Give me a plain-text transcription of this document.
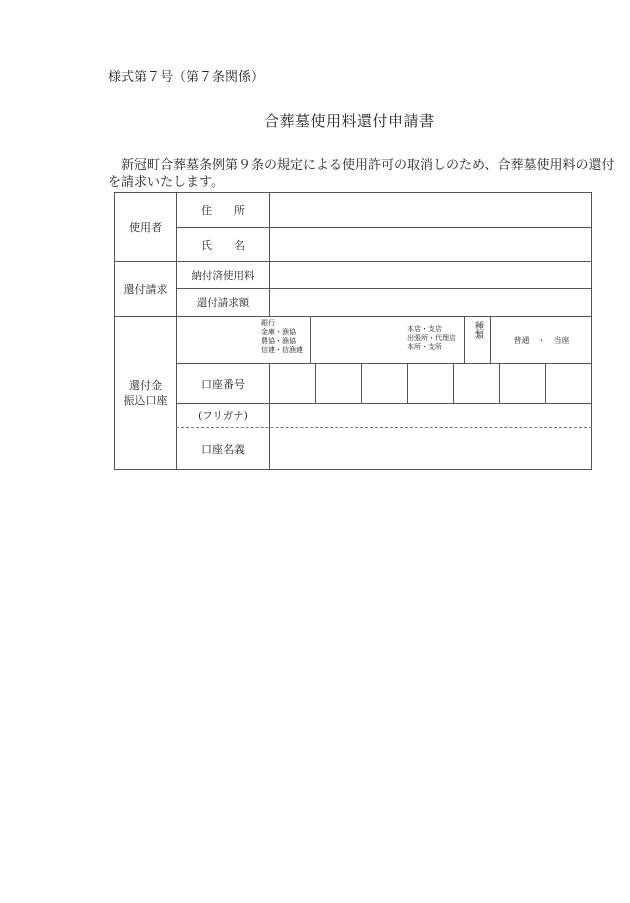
様式第７号（第７条関係）
合葬墓使用料還付申請書
新冠町合葬墓条例第９条の規定による使用許可の取消しのため、合葬墓使用料の還付
を請求いたします。
使用者
住　　所
氏　　名
還付請求
納付済使用料
還付請求額
還付金
振込口座
銀行
金庫・漁協
農協・漁協
信連・信漁連
本店・支店
出張所・代理店
本所・支所
種類
普通　・　当座
口座番号
(フリガナ)
口座名義
